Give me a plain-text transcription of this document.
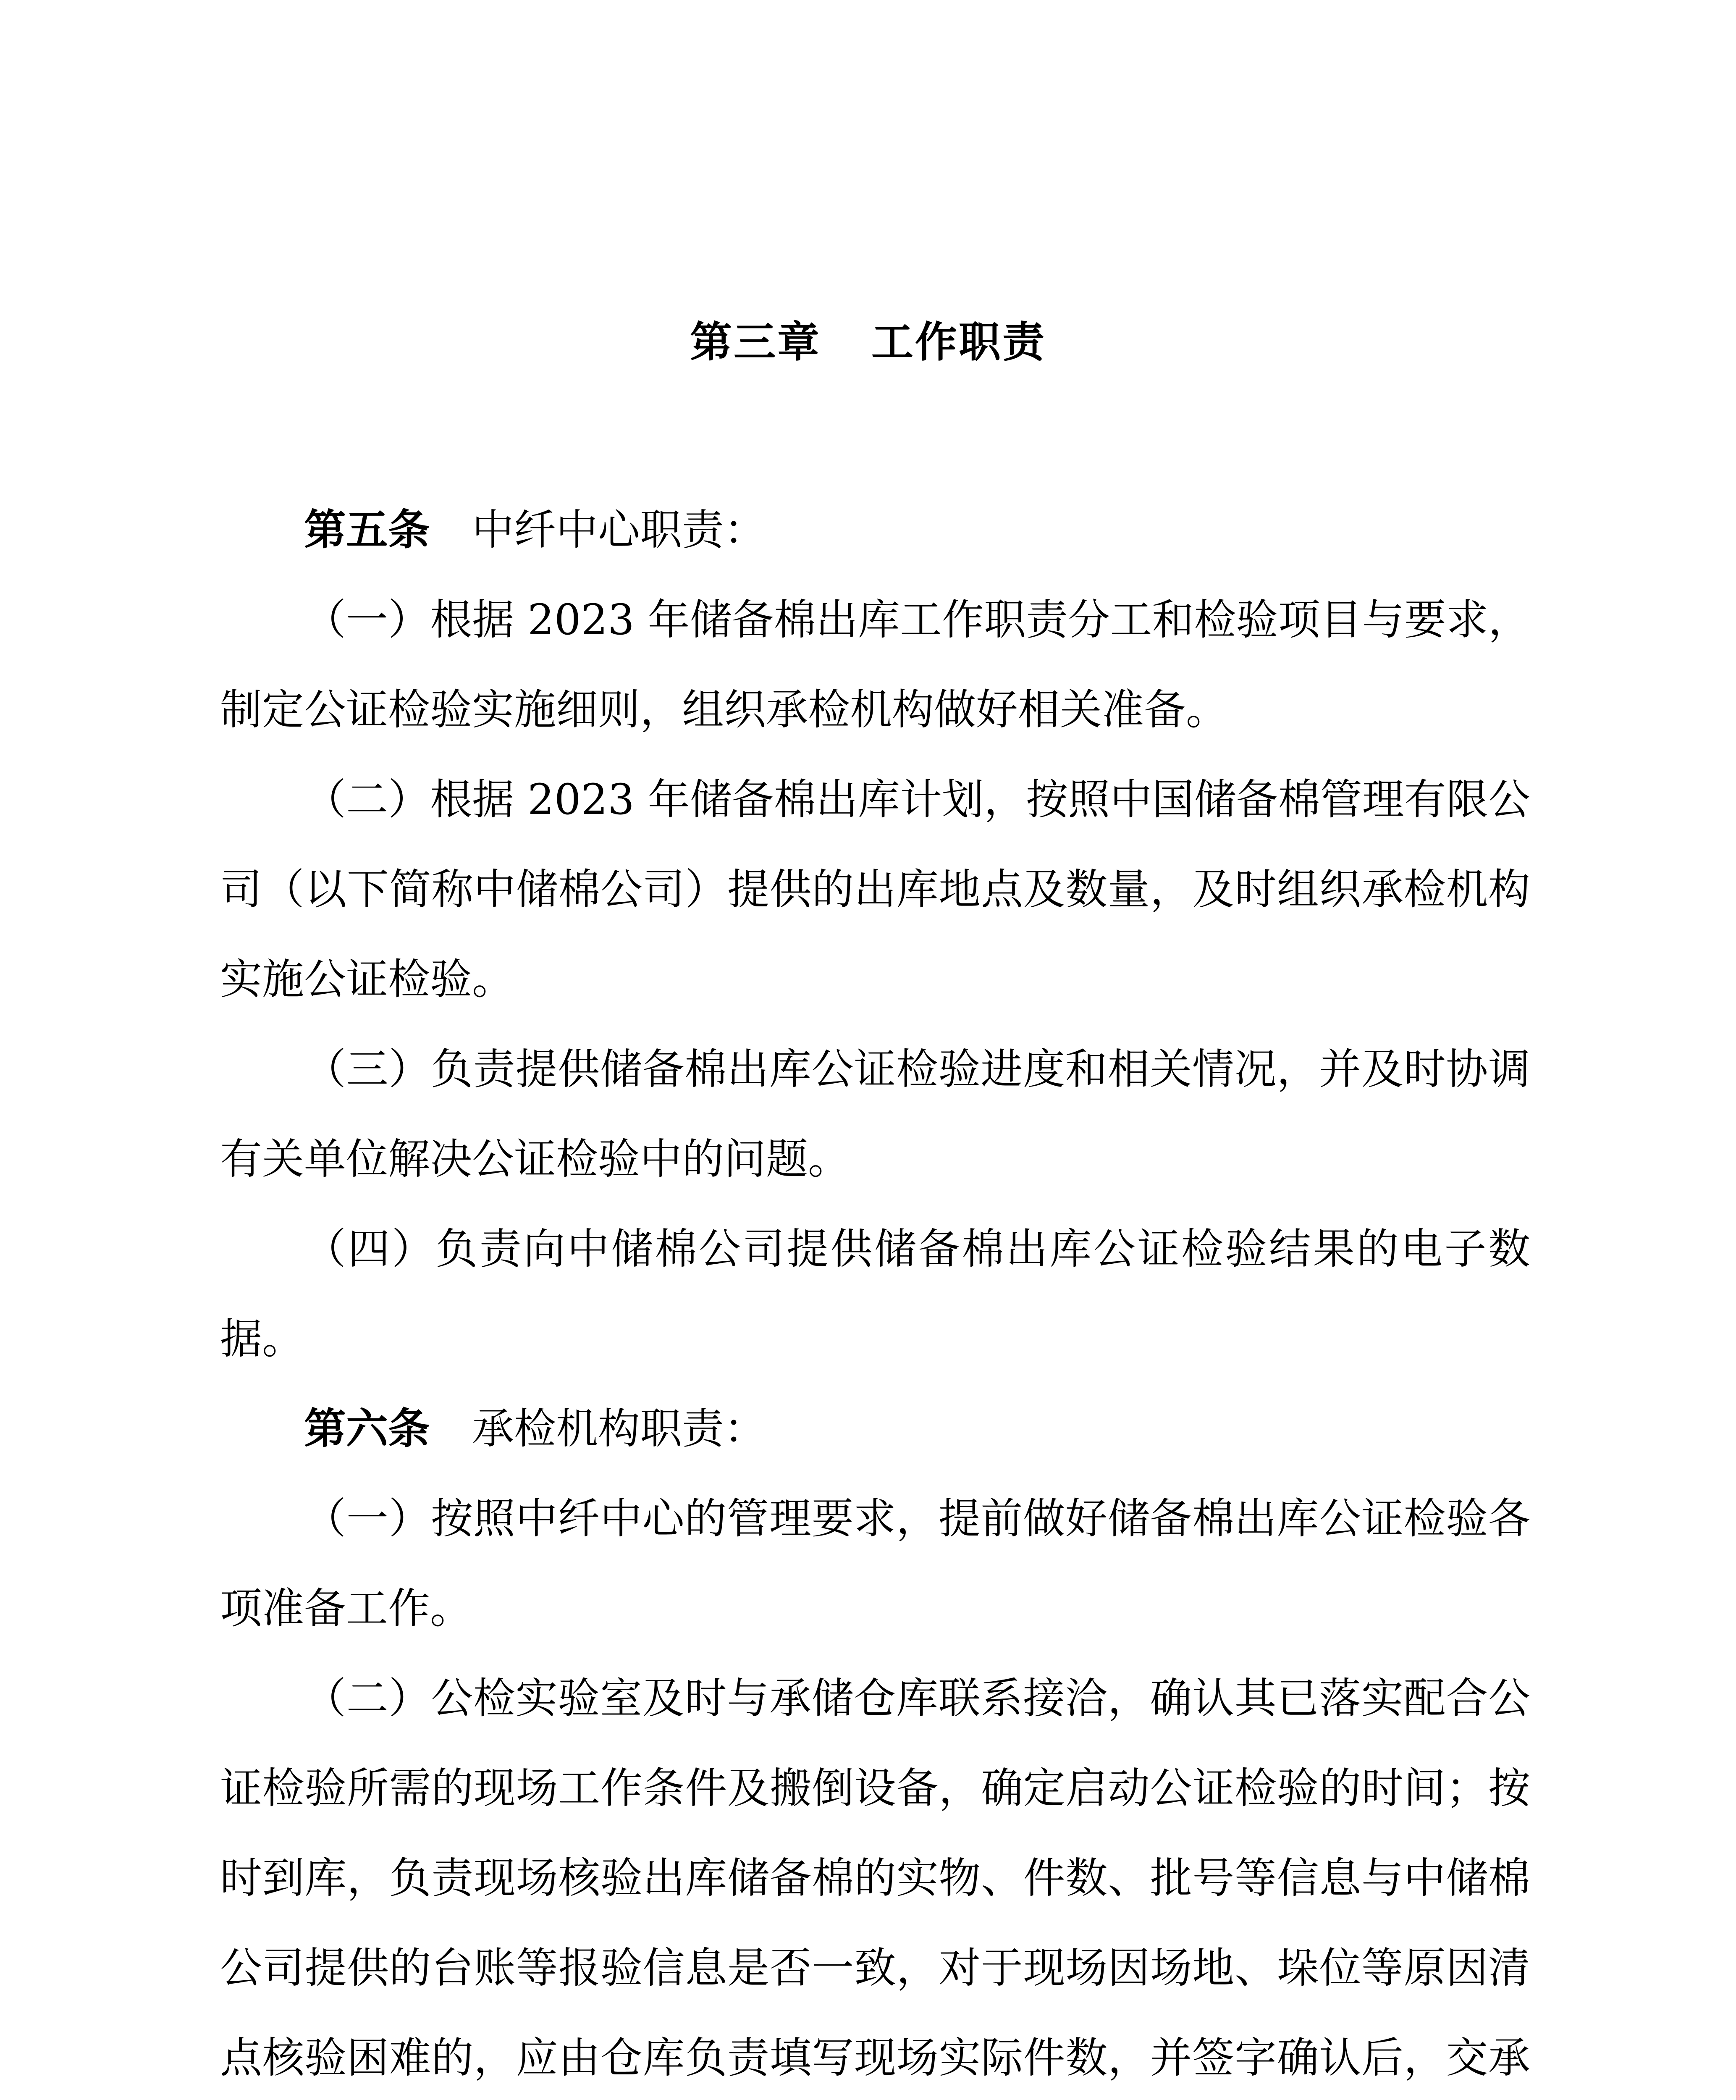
第三章 工作职责

第五条 中纤中心职责：

（一）根据 2023 年储备棉出库工作职责分工和检验项目与要求，制定公证检验实施细则，组织承检机构做好相关准备。

（二）根据 2023 年储备棉出库计划，按照中国储备棉管理有限公司（以下简称中储棉公司）提供的出库地点及数量，及时组织承检机构实施公证检验。

（三）负责提供储备棉出库公证检验进度和相关情况，并及时协调有关单位解决公证检验中的问题。

（四）负责向中储棉公司提供储备棉出库公证检验结果的电子数据。

第六条 承检机构职责：

（一）按照中纤中心的管理要求，提前做好储备棉出库公证检验各项准备工作。

（二）公检实验室及时与承储仓库联系接洽，确认其已落实配合公证检验所需的现场工作条件及搬倒设备，确定启动公证检验的时间；按时到库，负责现场核验出库储备棉的实物、件数、批号等信息与中储棉公司提供的台账等报验信息是否一致，对于现场因场地、垛位等原因清点核验困难的，应由仓库负责填写现场实际件数，并签字确认后，交承
